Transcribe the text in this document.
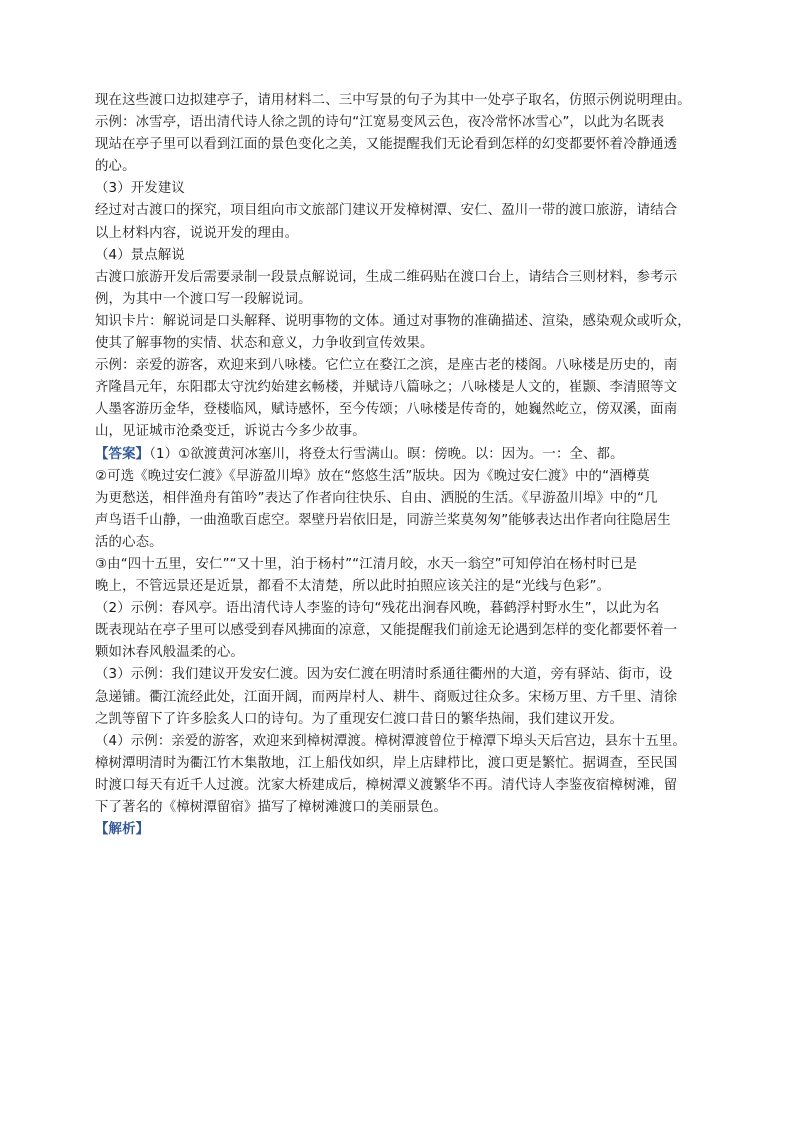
现在这些渡口边拟建亭子，请用材料二、三中写景的句子为其中一处亭子取名，仿照示例说明理由。
示例：冰雪亭，语出清代诗人徐之凯的诗句“江宽易变风云色，夜冷常怀冰雪心”，以此为名既表
现站在亭子里可以看到江面的景色变化之美，又能提醒我们无论看到怎样的幻变都要怀着冷静通透
的心。
（3）开发建议
经过对古渡口的探究，项目组向市文旅部门建议开发樟树潭、安仁、盈川一带的渡口旅游，请结合
以上材料内容，说说开发的理由。
（4）景点解说
古渡口旅游开发后需要录制一段景点解说词，生成二维码贴在渡口台上，请结合三则材料，参考示
例，为其中一个渡口写一段解说词。
知识卡片：解说词是口头解释、说明事物的文体。通过对事物的准确描述、渲染，感染观众或听众，
使其了解事物的实情、状态和意义，力争收到宣传效果。
示例：亲爱的游客，欢迎来到八咏楼。它伫立在婺江之滨，是座古老的楼阁。八咏楼是历史的，南
齐隆昌元年，东阳郡太守沈约始建玄畅楼，并赋诗八篇咏之；八咏楼是人文的，崔颢、李清照等文
人墨客游历金华，登楼临风，赋诗感怀，至今传颂；八咏楼是传奇的，她巍然屹立，傍双溪，面南
山，见证城市沧桑变迁，诉说古今多少故事。
【答案】（1）①欲渡黄河冰塞川，将登太行雪满山。暝：傍晚。以：因为。一：全、都。
②可选《晚过安仁渡》《早游盈川埠》放在“悠悠生活”版块。因为《晚过安仁渡》中的“酒樽莫
为更愁送，相伴渔舟有笛吟”表达了作者向往快乐、自由、洒脱的生活。《早游盈川埠》中的“几
声鸟语千山静，一曲渔歌百虑空。翠壁丹岩依旧是，同游兰桨莫匆匆”能够表达出作者向往隐居生
活的心态。
③由“四十五里，安仁”“又十里，泊于杨村”“江清月皎，水天一翁空”可知停泊在杨村时已是
晚上，不管远景还是近景，都看不太清楚，所以此时拍照应该关注的是“光线与色彩”。
（2）示例：春风亭。语出清代诗人李鉴的诗句“残花出涧春风晚，暮鹤浮村野水生”，以此为名
既表现站在亭子里可以感受到春风拂面的凉意，又能提醒我们前途无论遇到怎样的变化都要怀着一
颗如沐春风般温柔的心。
（3）示例：我们建议开发安仁渡。因为安仁渡在明清时系通往衢州的大道，旁有驿站、街市，设
急递铺。衢江流经此处，江面开阔，而两岸村人、耕牛、商贩过往众多。宋杨万里、方千里、清徐
之凯等留下了许多脍炙人口的诗句。为了重现安仁渡口昔日的繁华热闹，我们建议开发。
（4）示例：亲爱的游客，欢迎来到樟树潭渡。樟树潭渡曾位于樟潭下埠头天后宫边，县东十五里。
樟树潭明清时为衢江竹木集散地，江上船伐如织，岸上店肆栉比，渡口更是繁忙。据调查，至民国
时渡口每天有近千人过渡。沈家大桥建成后，樟树潭义渡繁华不再。清代诗人李鉴夜宿樟树滩，留
下了著名的《樟树潭留宿》描写了樟树滩渡口的美丽景色。
【解析】
